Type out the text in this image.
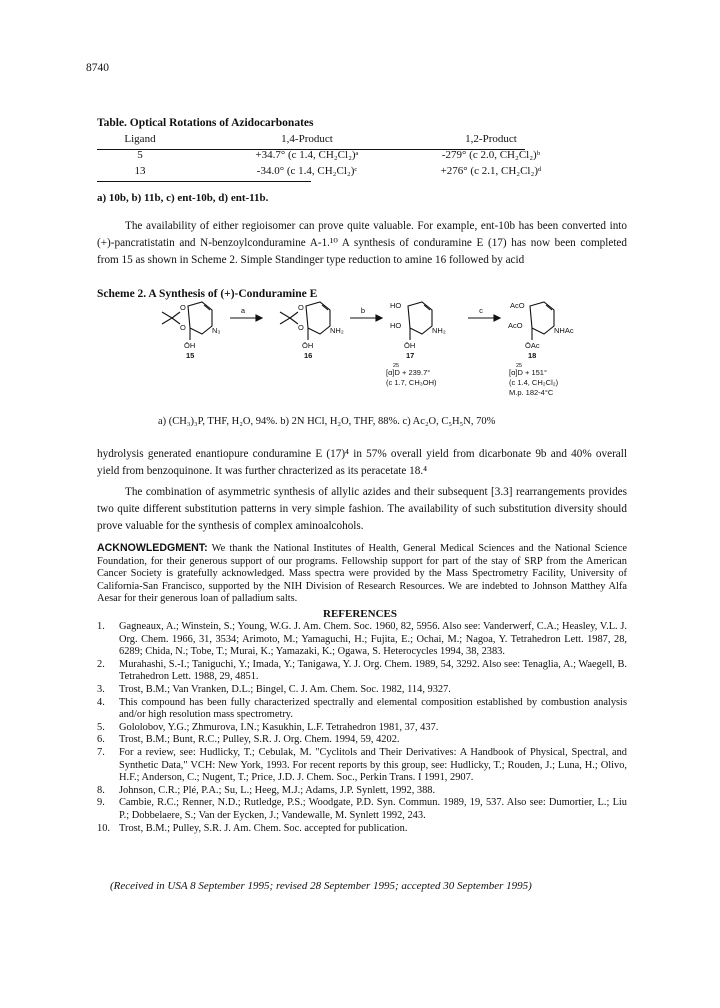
8740
Table. Optical Rotations of Azidocarbonates
Ligand	1,4-Product	1,2-Product
5	+34.7° (c 1.4, CH₂Cl₂)ᵃ	-279° (c 2.0, CH₂Cl₂)ᵇ
13	-34.0° (c 1.4, CH₂Cl₂)ᶜ	+276° (c 2.1, CH₂Cl₂)ᵈ
a) 10b, b) 11b, c) ent-10b, d) ent-11b.

The availability of either regioisomer can prove quite valuable. For example, ent-10b has been converted into (+)-pancratistatin and N-benzoylconduramine A-1.¹⁰ A synthesis of conduramine E (17) has now been completed from 15 as shown in Scheme 2. Simple Standinger type reduction to amine 16 followed by acid

Scheme 2. A Synthesis of (+)-Conduramine E
a	b	c
O
O	N₃
ŌH
15
O
O	NH₂
ŌH
16
HO
HO
NH₂
ŌH
17
25
[α]D + 239.7°
(c 1.7, CH₃OH)
AcO
AcO
NHAc
ŌAc
18
25
[α]D + 151°
(c 1.4, CH₂Cl₂)
M.p. 182-4°C
a) (CH₃)₃P, THF, H₂O, 94%. b) 2N HCl, H₂O, THF, 88%. c) Ac₂O, C₅H₅N, 70%

hydrolysis generated enantiopure conduramine E (17)⁴ in 57% overall yield from dicarbonate 9b and 40% overall yield from benzoquinone. It was further chracterized as its peracetate 18.⁴

The combination of asymmetric synthesis of allylic azides and their subsequent [3.3] rearrangements provides two quite different substitution patterns in very simple fashion. The availability of such substitution diversity should prove valuable for the synthesis of complex aminoalcohols.

ACKNOWLEDGMENT: We thank the National Institutes of Health, General Medical Sciences and the National Science Foundation, for their generous support of our programs. Fellowship support for part of the stay of SRP from the American Cancer Society is gratefully acknowledged. Mass spectra were provided by the Mass Spectrometry Facility, University of California-San Francisco, supported by the NIH Division of Research Resources. We are indebted to Johnson Matthey Alfa Aesar for their generous loan of palladium salts.

REFERENCES
1. Gagneaux, A.; Winstein, S.; Young, W.G. J. Am. Chem. Soc. 1960, 82, 5956. Also see: Vanderwerf, C.A.; Heasley, V.L. J. Org. Chem. 1966, 31, 3534; Arimoto, M.; Yamaguchi, H.; Fujita, E.; Ochai, M.; Nagoa, Y. Tetrahedron Lett. 1987, 28, 6289; Chida, N.; Tobe, T.; Murai, K.; Yamazaki, K.; Ogawa, S. Heterocycles 1994, 38, 2383.
2. Murahashi, S.-I.; Taniguchi, Y.; Imada, Y.; Tanigawa, Y. J. Org. Chem. 1989, 54, 3292. Also see: Tenaglia, A.; Waegell, B. Tetrahedron Lett. 1988, 29, 4851.
3. Trost, B.M.; Van Vranken, D.L.; Bingel, C. J. Am. Chem. Soc. 1982, 114, 9327.
4. This compound has been fully characterized spectrally and elemental composition established by combustion analysis and/or high resolution mass spectrometry.
5. Gololobov, Y.G.; Zhmurova, I.N.; Kasukhin, L.F. Tetrahedron 1981, 37, 437.
6. Trost, B.M.; Bunt, R.C.; Pulley, S.R. J. Org. Chem. 1994, 59, 4202.
7. For a review, see: Hudlicky, T.; Cebulak, M. "Cyclitols and Their Derivatives: A Handbook of Physical, Spectral, and Synthetic Data," VCH: New York, 1993. For recent reports by this group, see: Hudlicky, T.; Rouden, J.; Luna, H.; Olivo, H.F.; Anderson, C.; Nugent, T.; Price, J.D. J. Chem. Soc., Perkin Trans. I 1991, 2907.
8. Johnson, C.R.; Plé, P.A.; Su, L.; Heeg, M.J.; Adams, J.P. Synlett, 1992, 388.
9. Cambie, R.C.; Renner, N.D.; Rutledge, P.S.; Woodgate, P.D. Syn. Commun. 1989, 19, 537. Also see: Dumortier, L.; Liu P.; Dobbelaere, S.; Van der Eycken, J.; Vandewalle, M. Synlett 1992, 243.
10. Trost, B.M.; Pulley, S.R. J. Am. Chem. Soc. accepted for publication.
(Received in USA 8 September 1995; revised 28 September 1995; accepted 30 September 1995)
